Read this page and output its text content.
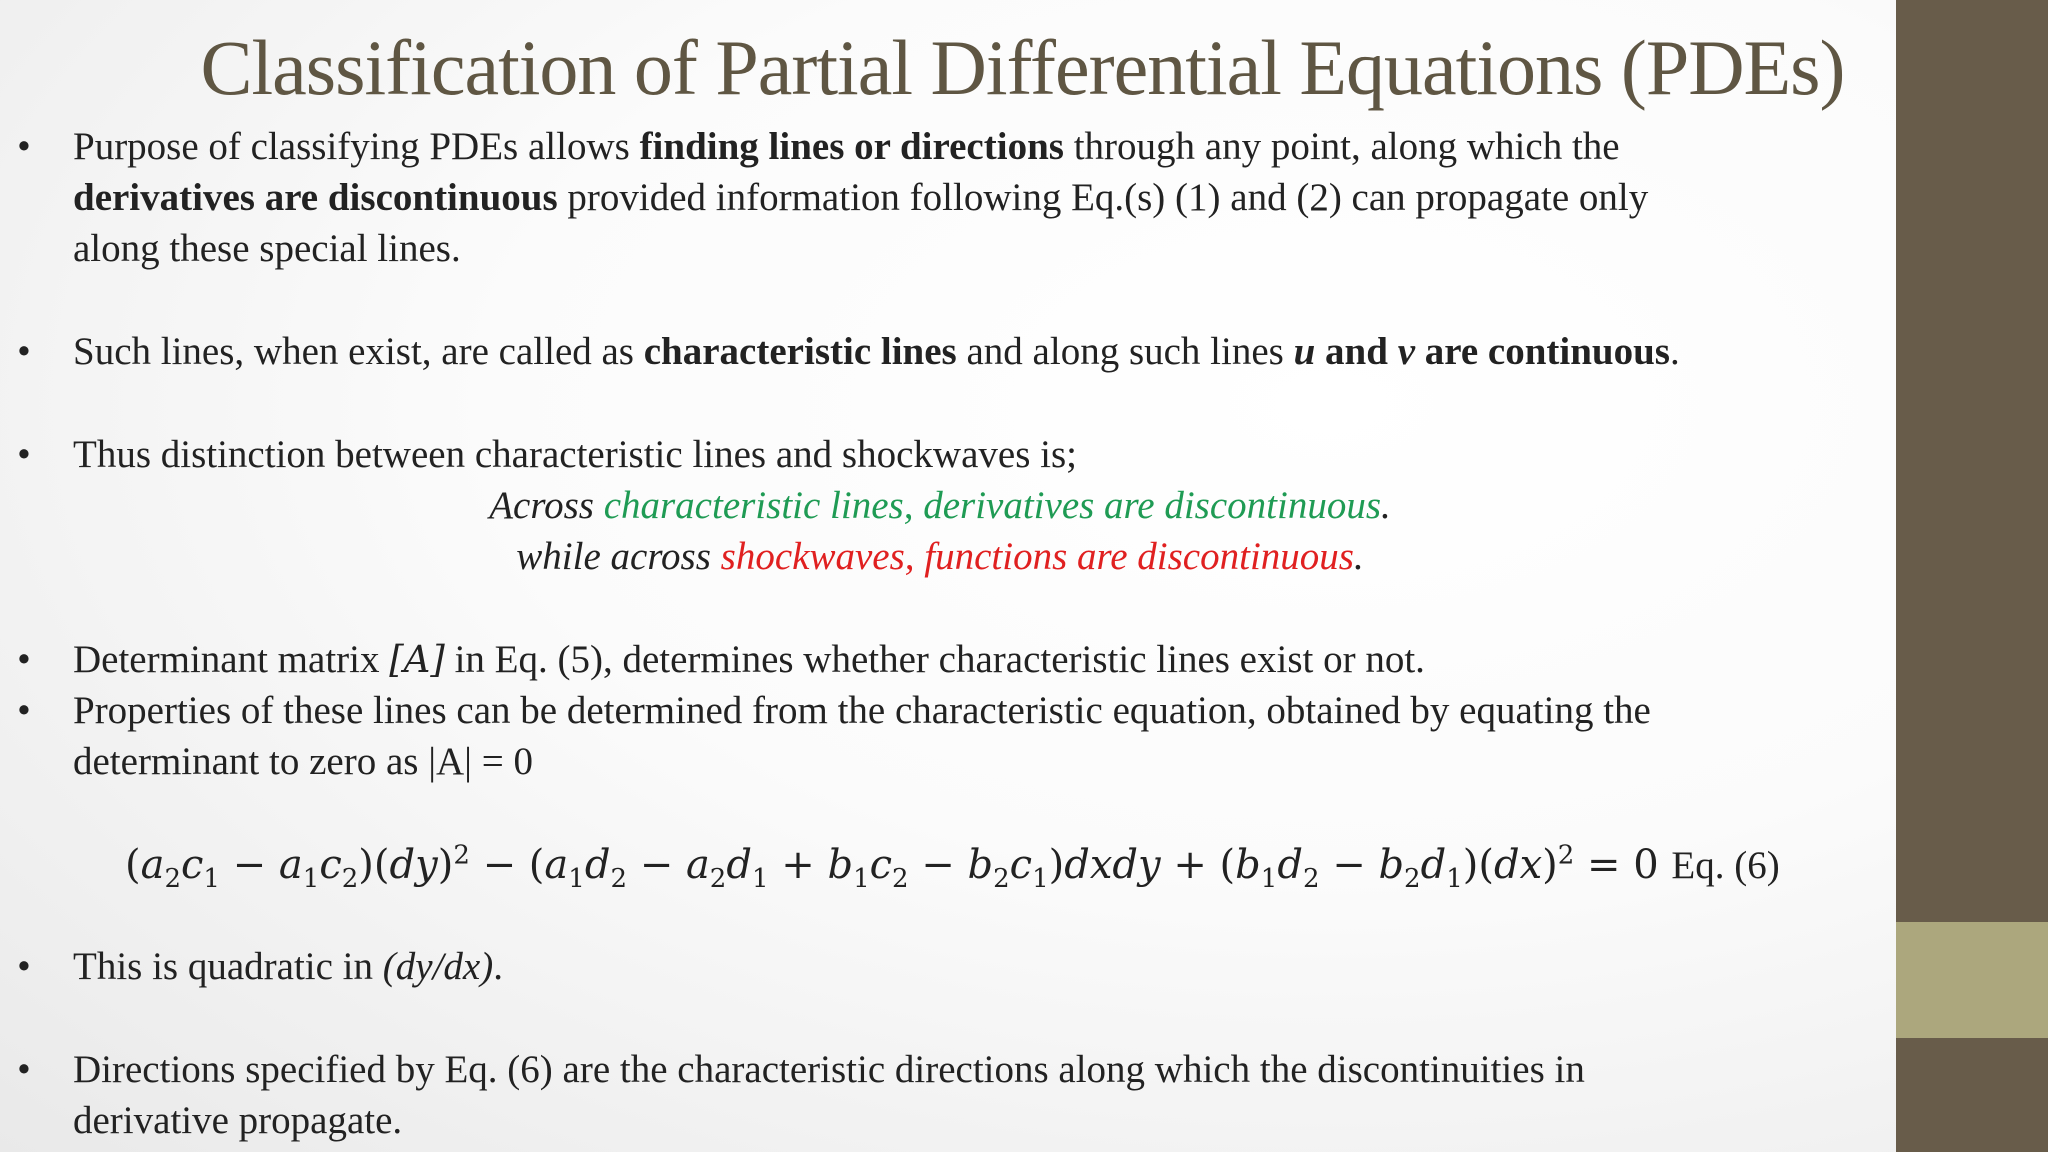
Classification of Partial Differential Equations (PDEs)
• Purpose of classifying PDEs allows finding lines or directions through any point, along which the
derivatives are discontinuous provided information following Eq.(s) (1) and (2) can propagate only
along these special lines.
• Such lines, when exist, are called as characteristic lines and along such lines u and v are continuous.
• Thus distinction between characteristic lines and shockwaves is;
Across characteristic lines, derivatives are discontinuous.
while across shockwaves, functions are discontinuous.
• Determinant matrix [A] in Eq. (5), determines whether characteristic lines exist or not.
• Properties of these lines can be determined from the characteristic equation, obtained by equating the
determinant to zero as |A| = 0
$(a_2c_1 - a_1c_2)(dy)^2 - (a_1d_2 - a_2d_1 + b_1c_2$ − $b_2c_1)dxdy + (b_1d_2 - b_2d_1)(dx)^2 = 0$ Eq. (6)
• This is quadratic in (dy/dx).
• Directions specified by Eq. (6) are the characteristic directions along which the discontinuities in
derivative propagate.
